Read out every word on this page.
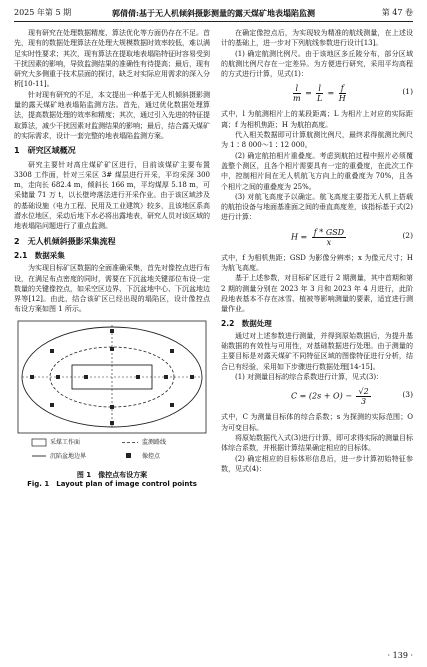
2025 年第 5 期	郭倩倩:基于无人机倾斜摄影测量的露天煤矿地表塌陷监测	第 47 卷

现有研究在处理数据精度、算法优化等方面仍存在不足。首先，现有的数据处理算法在处理大规模数据时效率较低，难以满足实时性要求；其次，现有算法在提取地表塌陷特征时容易受到干扰因素的影响，导致监测结果的准确性有待提高；最后，现有研究大多侧重于技术层面的探讨，缺乏对实际应用需求的深入分析[10-11]。

针对现有研究的不足，本文提出一种基于无人机倾斜摄影测量的露天煤矿地表塌陷监测方法。首先，通过优化数据处理算法，提高数据处理的效率和精度；其次，通过引入先进的特征提取算法，减少干扰因素对监测结果的影响；最后，结合露天煤矿的实际需求，设计一套完整的地表塌陷监测方案。

1　研究区域概况

研究主要针对高庄煤矿矿区进行，目前该煤矿主要布置 3308 工作面，针对三采区 3# 煤层进行开采，平均采深 300 m，走向长 682.4 m，倾斜长 166 m，平均煤厚 5.18 m，可采储量 71 万 t，以长壁垮落法进行开采作业。由于该区域涉及的基础设施（电力工程、民用及工业建筑）较多，且该地区系高潜水位地区，采动后地下水必将出露地表，研究人员对该区域的地表塌陷问题进行了重点监测。

2　无人机倾斜摄影采集流程
2.1　数据采集

为实现目标矿区数据的全面准确采集，首先对像控点进行布设，在满足布点密度的同时，需要在下沉盆地关键部位布设一定数量的关键像控点，如采空区边界、下沉盆地中心、下沉盆地边界等[12]。由此，结合该矿区已经出现的塌陷区，设计像控点布设方案如图 1 所示。

采煤工作面	监测路线
沉陷盆地边界	像控点
图 1　像控点布设方案
Fig. 1　Layout plan of image control points

在确定像控点后，为实现较为精准的航线测量，在上述设计的基础上，进一步对下列航线参数进行设计[13]。

(1) 确定航测比例尺。由于该地区多丘陵分布，部分区域的航测比例尺存在一定差异。为方便进行研究，采用平均高程的方式进行计算，见式(1)：

$\frac{l}{m} = \frac{l}{L} = \frac{f}{H}$	(1)

式中，l 为航测相片上的某段距离；L 为相片上对应的实际距离；f 为相机焦距；H 为航拍高度。

代入相关数据即可计算航测比例尺，最终求得航测比例尺为 1∶8 000～1∶12 000。

(2) 确定航拍相片重叠度。考虑到航拍过程中照片必须覆盖整个测区，且各个相片需要具有一定的重叠度，在此次工作中，控制相片间在无人机航飞方向上的重叠度为 70%，且各个相片之间的重叠度为 25%。

(3) 对航飞高度予以确定。航飞高度主要指无人机上搭载的航拍设备与地面基准面之间的垂直高度差，该指标基于式(2)进行计算：

$H = \frac{\text{f * GSD}}{x}$	(2)

式中，f 为相机焦距；GSD 为影像分辨率；x 为像元尺寸；H 为航飞高度。

基于上述参数，对目标矿区进行 2 期测量，其中首期和第 2 期的测量分别在 2023 年 3 月和 2023 年 4 月进行，此阶段地表基本不存在冰雪、植被等影响测量的要素，适宜进行测量作业。

2.2　数据处理

通过对上述参数进行测量，并得到原始数据后，为提升基础数据的有效性与可用性，对基础数据进行处理。由于测量的主要目标是对露天煤矿不同特征区域的图像特征进行分析，结合已有经验，采用如下步骤进行数据处理[14-15]。

(1) 对测量目标的综合系数进行计算，见式(3)：

$C = (2s + O) - \frac{√2}{3}$	(3)

式中，C 为测量目标体的综合系数；s 为探测的实际范围；O 为可变目标。

将原始数据代入式(3)进行计算，即可求得实际的测量目标体综合系数，并根据计算结果确定相应的目标体。

(2) 确定相应的目标体形信息后，进一步计算初始特征参数，见式(4)：

· 139 ·
